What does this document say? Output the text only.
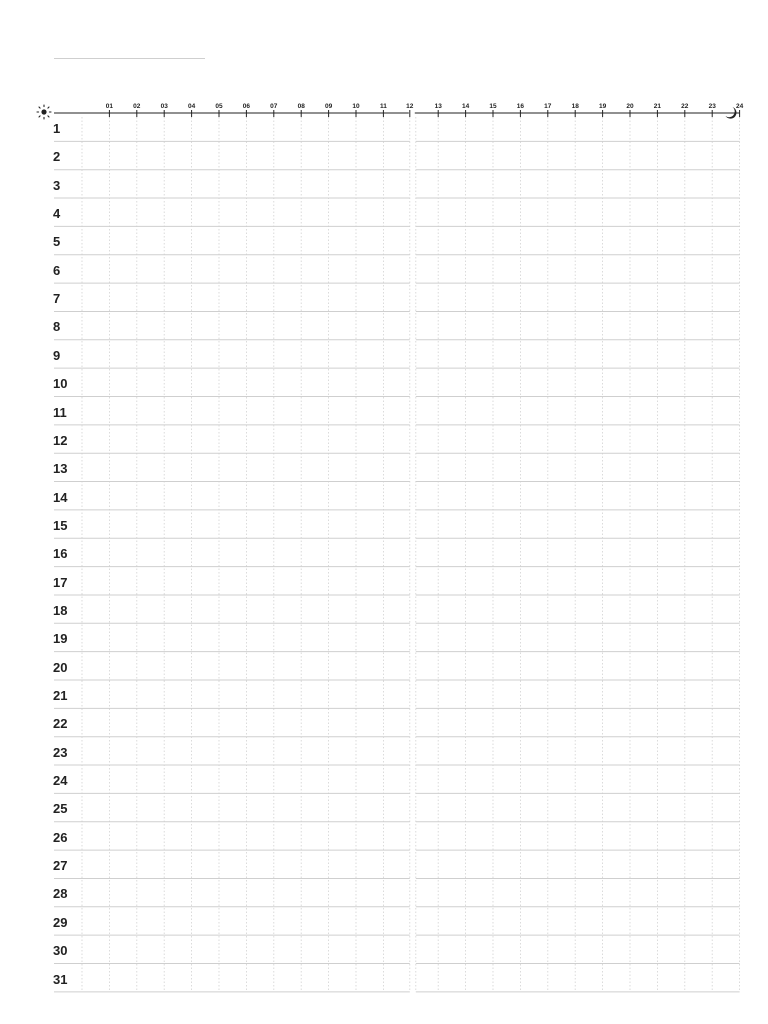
01	02	03	04	05	06	07	08	09	10	11	12	13	14	15	16	17	18	19	20	21	22	23	24
1
2
3
4
5
6
7
8
9
10
11
12
13
14
15
16
17
18
19
20
21
22
23
24
25
26
27
28
29
30
31
